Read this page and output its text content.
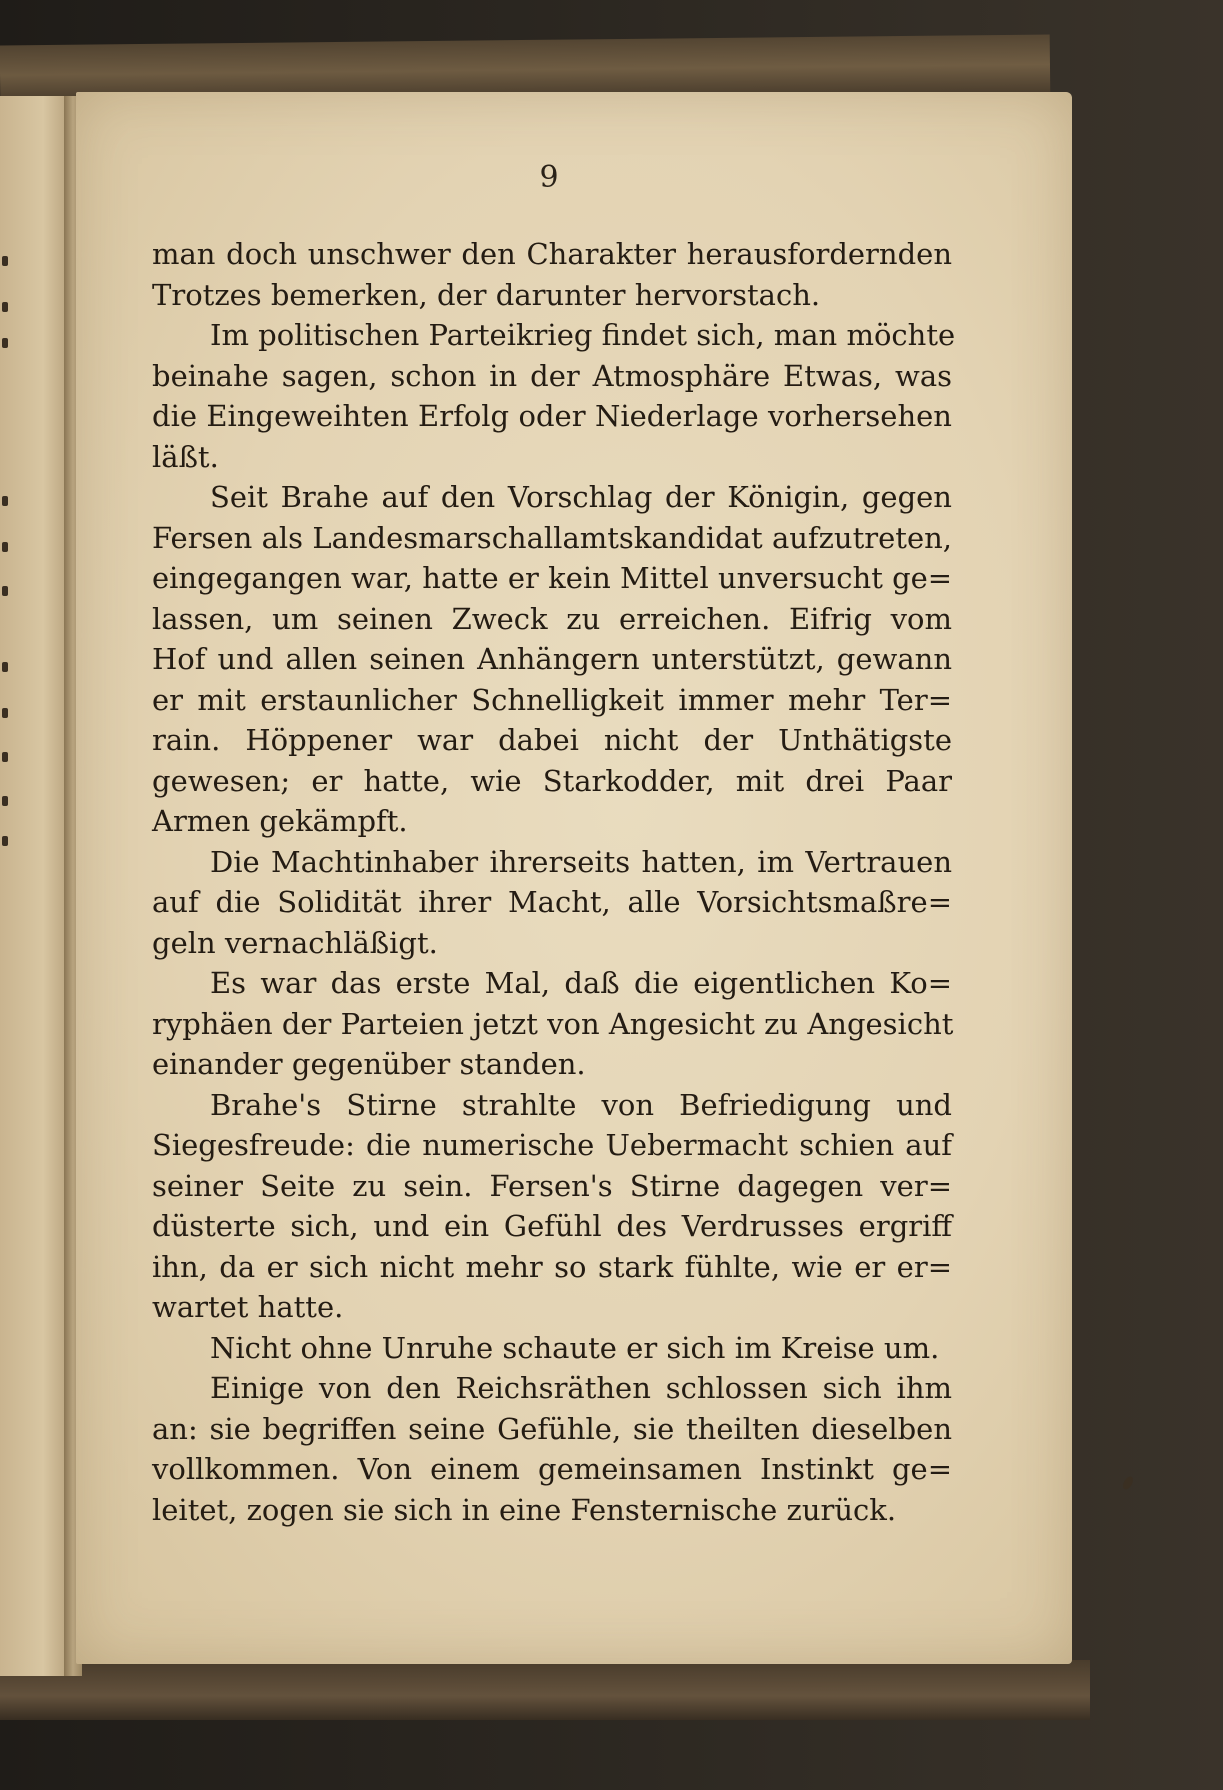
9
man doch unschwer den Charakter herausfordernden
Trotzes bemerken, der darunter hervorstach.
Im politischen Parteikrieg findet sich, man möchte
beinahe sagen, schon in der Atmosphäre Etwas, was
die Eingeweihten Erfolg oder Niederlage vorhersehen
läßt.
Seit Brahe auf den Vorschlag der Königin, gegen
Fersen als Landesmarschallamtskandidat aufzutreten,
eingegangen war, hatte er kein Mittel unversucht ge=
lassen, um seinen Zweck zu erreichen. Eifrig vom
Hof und allen seinen Anhängern unterstützt, gewann
er mit erstaunlicher Schnelligkeit immer mehr Ter=
rain. Höppener war dabei nicht der Unthätigste
gewesen; er hatte, wie Starkodder, mit drei Paar
Armen gekämpft.
Die Machtinhaber ihrerseits hatten, im Vertrauen
auf die Solidität ihrer Macht, alle Vorsichtsmaßre=
geln vernachläßigt.
Es war das erste Mal, daß die eigentlichen Ko=
ryphäen der Parteien jetzt von Angesicht zu Angesicht
einander gegenüber standen.
Brahe's Stirne strahlte von Befriedigung und
Siegesfreude: die numerische Uebermacht schien auf
seiner Seite zu sein. Fersen's Stirne dagegen ver=
düsterte sich, und ein Gefühl des Verdrusses ergriff
ihn, da er sich nicht mehr so stark fühlte, wie er er=
wartet hatte.
Nicht ohne Unruhe schaute er sich im Kreise um.
Einige von den Reichsräthen schlossen sich ihm
an: sie begriffen seine Gefühle, sie theilten dieselben
vollkommen. Von einem gemeinsamen Instinkt ge=
leitet, zogen sie sich in eine Fensternische zurück.
